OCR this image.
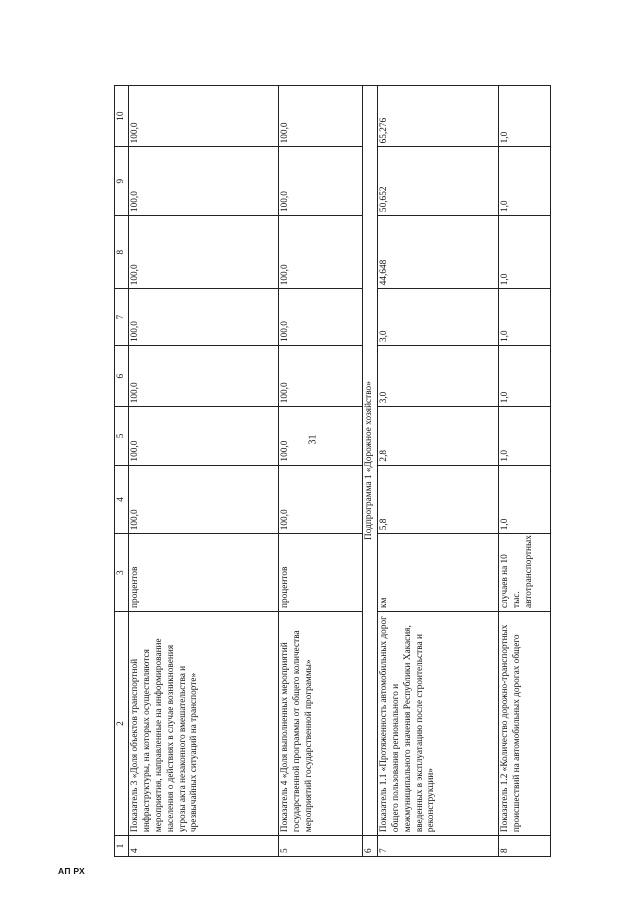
31
1	2	3	4	5	6	7	8	9	10
4	Показатель 3 «Доля объектов транспортной инфраструктуры, на которых осуществляются мероприятия, направленные на информирование населения о действиях в случае возникновения угрозы акта незаконного вмешательства и чрезвычайных ситуаций на транспорте»	процентов	100,0	100,0	100,0	100,0	100,0	100,0	100,0
5	Показатель 4 «Доля выполненных мероприятий государственной программы от общего количества мероприятий государственной программы»	процентов	100,0	100,0	100,0	100,0	100,0	100,0	100,0
6	Подпрограмма 1 «Дорожное хозяйство»								
7	Показатель 1.1 «Протяженность автомобильных дорог общего пользования регионального и межмуниципального значения Республики Хакасия, введенных в эксплуатацию после строительства и реконструкции»	км	5,8	2,8	3,0	3,0	44,648	50,652	65,276
8	Показатель 1.2 «Количество дорожно-транспортных происшествий на автомобильных дорогах общего	случаев на 10 тыс. автотранспортных	1,0	1,0	1,0	1,0	1,0	1,0	1,0
АП РХ
